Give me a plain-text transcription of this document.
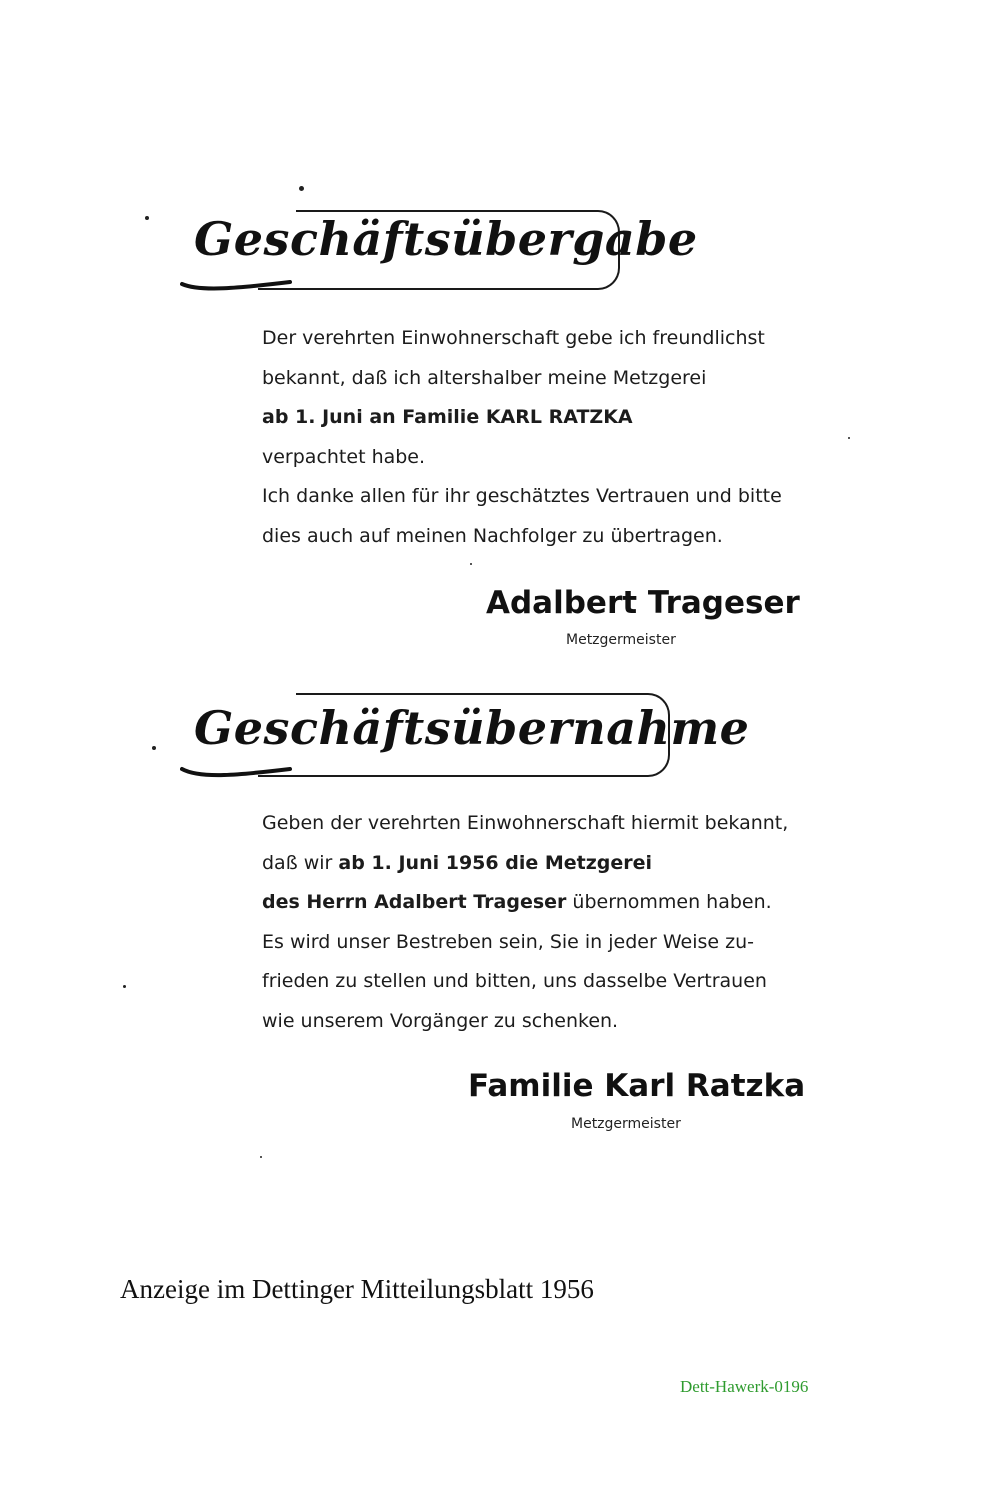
Geschäftsübergabe
Der verehrten Einwohnerschaft gebe ich freundlichst
bekannt, daß ich altershalber meine Metzgerei
ab 1. Juni an Familie KARL RATZKA
verpachtet habe.
Ich danke allen für ihr geschätztes Vertrauen und bitte
dies auch auf meinen Nachfolger zu übertragen.
Adalbert Trageser
Metzgermeister
Geschäftsübernahme
Geben der verehrten Einwohnerschaft hiermit bekannt,
daß wir ab 1. Juni 1956 die Metzgerei
des Herrn Adalbert Trageser übernommen haben.
Es wird unser Bestreben sein, Sie in jeder Weise zu-
frieden zu stellen und bitten, uns dasselbe Vertrauen
wie unserem Vorgänger zu schenken.
Familie Karl Ratzka
Metzgermeister
Anzeige im Dettinger Mitteilungsblatt 1956
Dett-Hawerk-0196
